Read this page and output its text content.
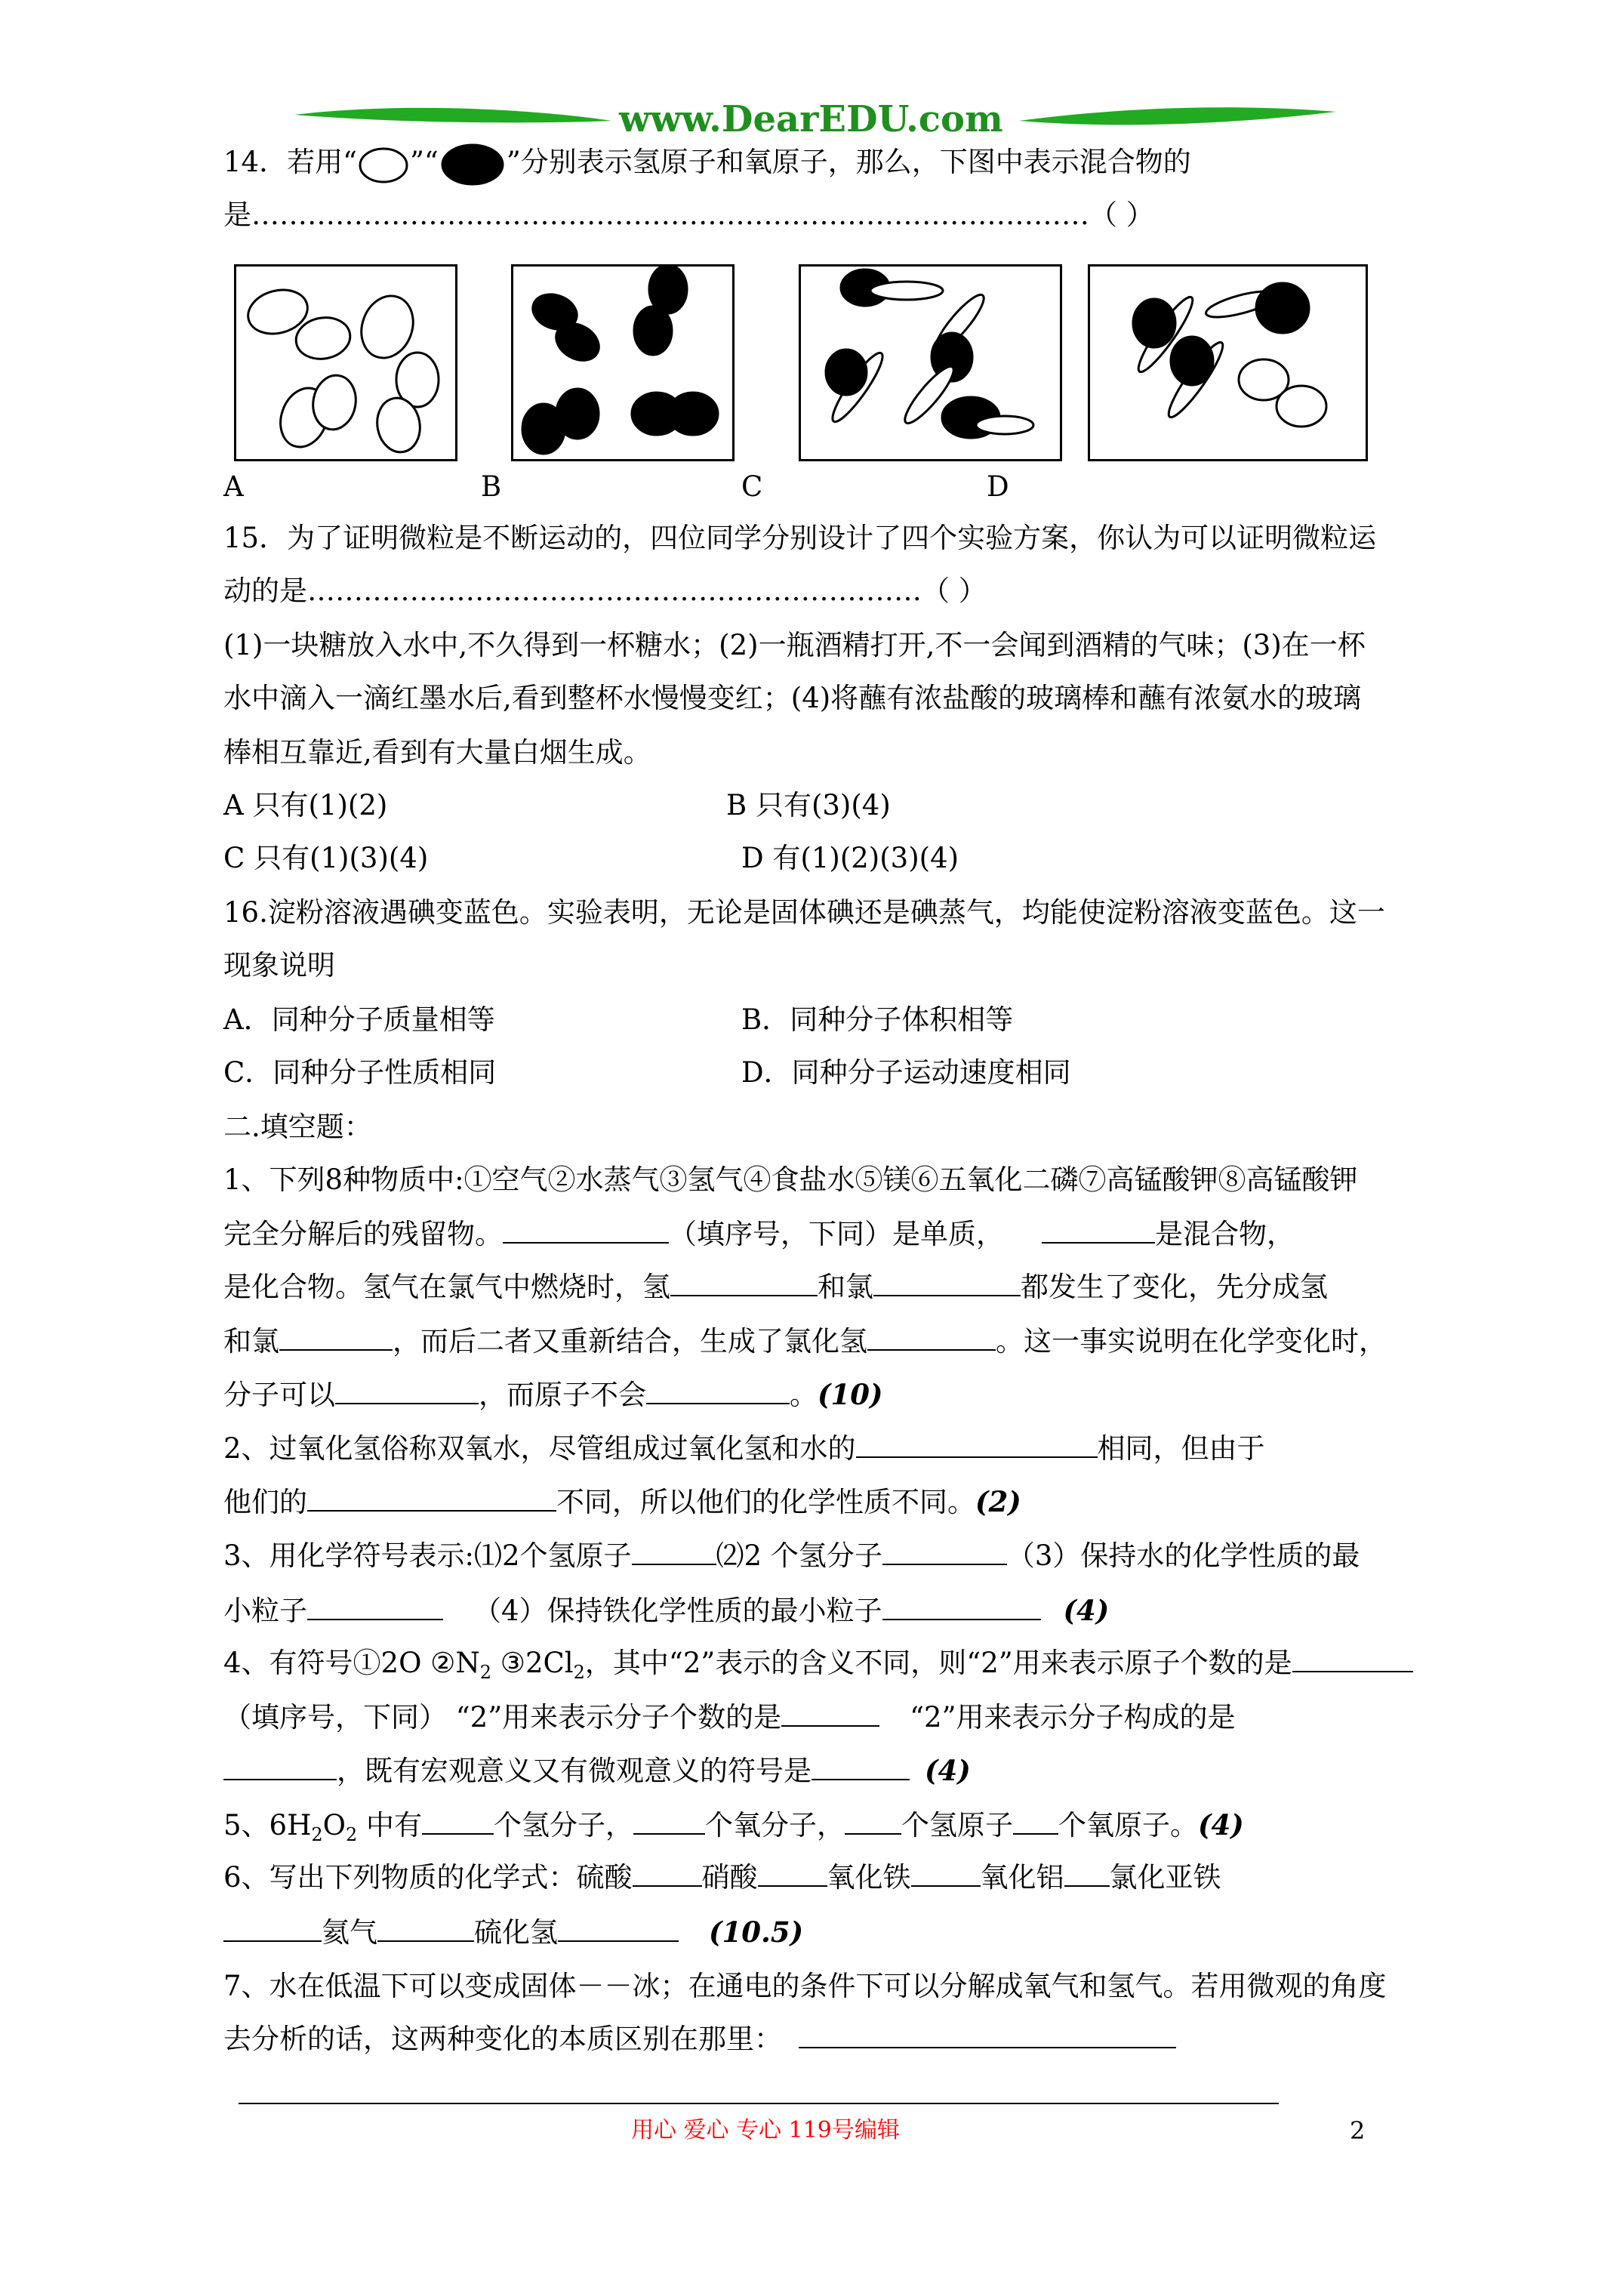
www.DearEDU.com
14．若用“ ”“ ”分别表示氢原子和氧原子，那么，下图中表示混合物的
是………………………………………………………………………………（ ）
A	B	C	D
15．为了证明微粒是不断运动的，四位同学分别设计了四个实验方案，你认为可以证明微粒运
动的是…………………………………………………………（ ）
(1)一块糖放入水中,不久得到一杯糖水；(2)一瓶酒精打开,不一会闻到酒精的气味；(3)在一杯
水中滴入一滴红墨水后,看到整杯水慢慢变红；(4)将蘸有浓盐酸的玻璃棒和蘸有浓氨水的玻璃
棒相互靠近,看到有大量白烟生成。
A 只有(1)(2)	B 只有(3)(4)
C 只有(1)(3)(4)	D 有(1)(2)(3)(4)
16.淀粉溶液遇碘变蓝色。实验表明，无论是固体碘还是碘蒸气，均能使淀粉溶液变蓝色。这一
现象说明
A．同种分子质量相等	B．同种分子体积相等
C．同种分子性质相同	D．同种分子运动速度相同
二.填空题：
1、下列8种物质中:①空气②水蒸气③氢气④食盐水⑤镁⑥五氧化二磷⑦高锰酸钾⑧高锰酸钾
完全分解后的残留物。	（填序号，下同）是单质，	是混合物，
是化合物。氢气在氯气中燃烧时，氢	和氯	都发生了变化，先分成氢
和氯	，而后二者又重新结合，生成了氯化氢	。这一事实说明在化学变化时，
分子可以	，而原子不会	。(10)
2、过氧化氢俗称双氧水，尽管组成过氧化氢和水的	相同，但由于
他们的	不同，所以他们的化学性质不同。(2)
3、用化学符号表示:⑴2个氢原子	⑵2 个氢分子	（3）保持水的化学性质的最
小粒子	（4）保持铁化学性质的最小粒子	(4)
4、有符号①2O $②N_2$ $③2Cl_2$，其中“2”表示的含义不同，则“2”用来表示原子个数的是
（填序号，下同） “2”用来表示分子个数的是	“2”用来表示分子构成的是
，既有宏观意义又有微观意义的符号是	(4)
5、$6H_2O_2$ 中有	个氢分子，	个氧分子， 个氢原子 个氧原子。(4)
6、写出下列物质的化学式：硫酸 硝酸 氧化铁 氧化铝 氯化亚铁
氦气	硫化氢	(10.5)
7、水在低温下可以变成固体－－冰；在通电的条件下可以分解成氧气和氢气。若用微观的角度
去分析的话，这两种变化的本质区别在那里：
用心 爱心 专心 119号编辑	2
